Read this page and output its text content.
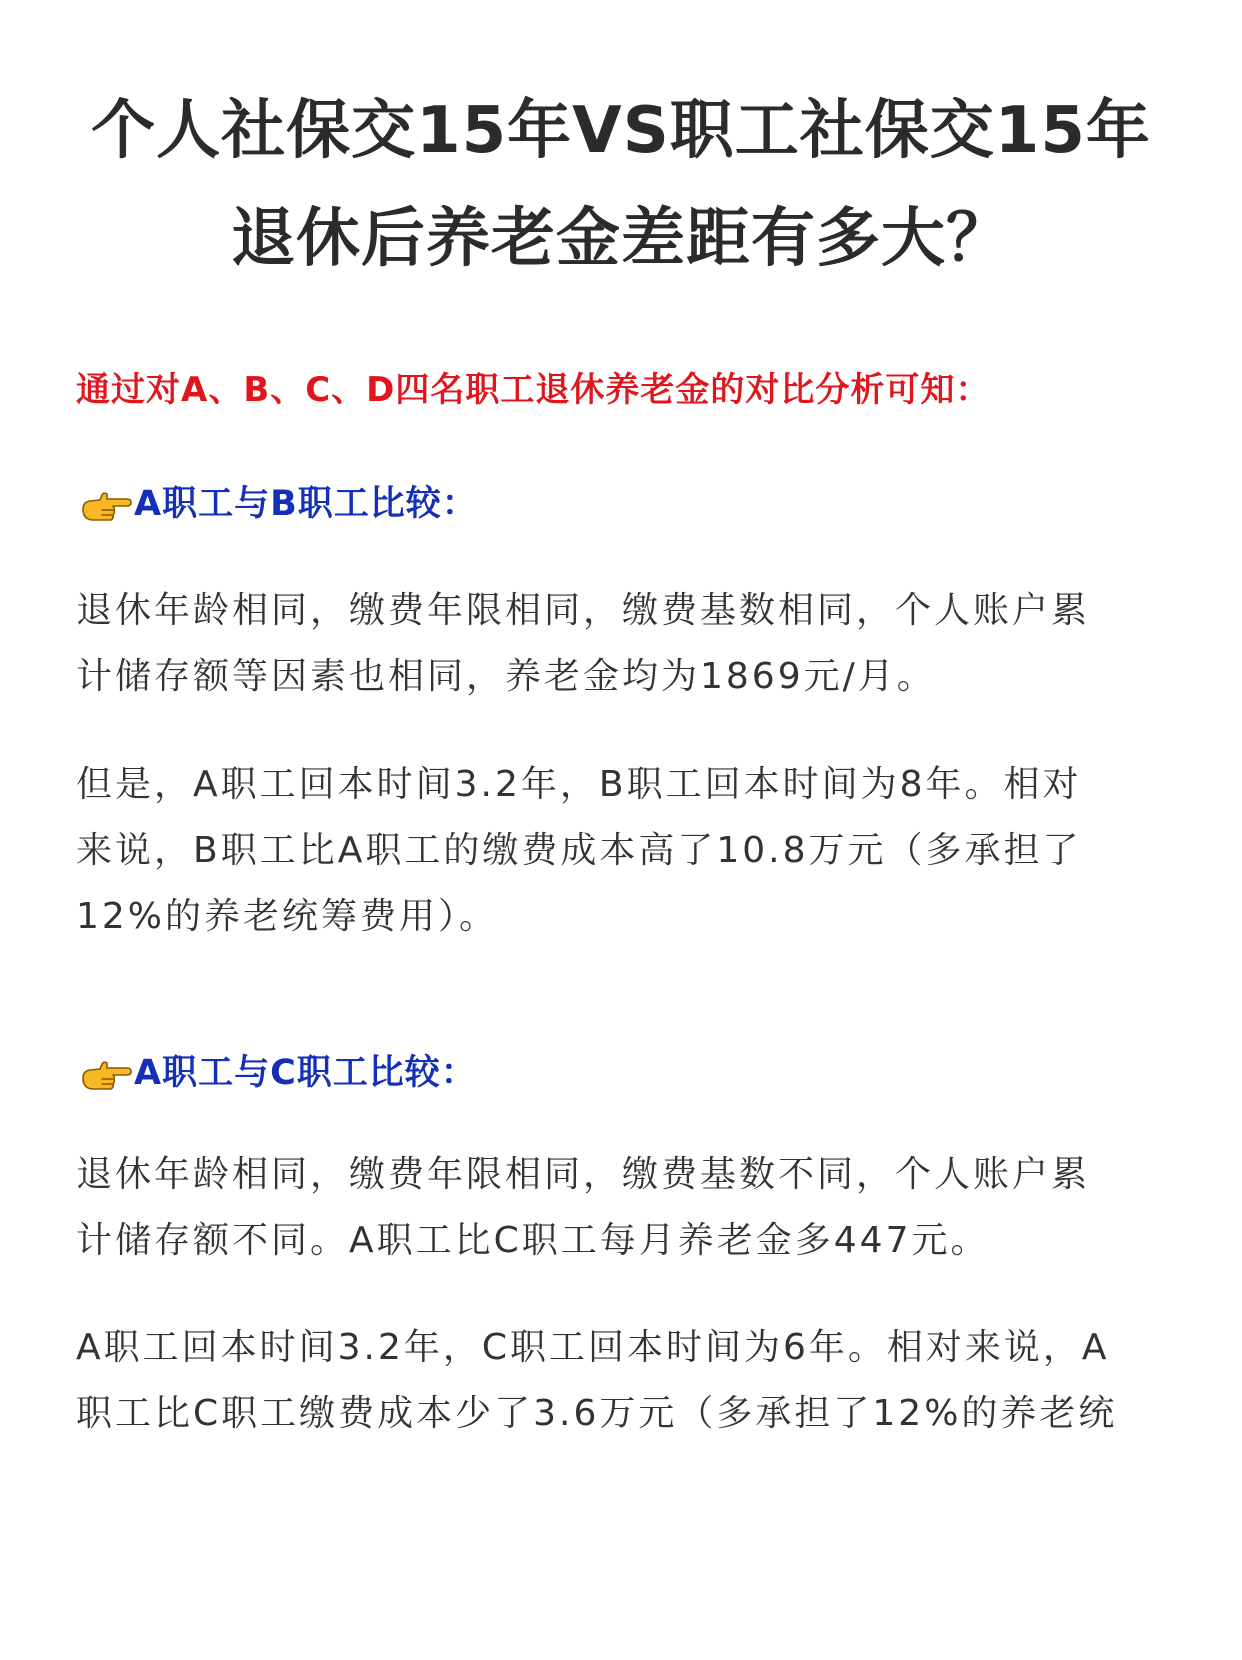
个人社保交15年VS职工社保交15年
退休后养老金差距有多大？
通过对A、B、C、D四名职工退休养老金的对比分析可知：
A职工与B职工比较：
退休年龄相同，缴费年限相同，缴费基数相同，个人账户累
计储存额等因素也相同，养老金均为1869元/月。
但是，A职工回本时间3.2年，B职工回本时间为8年。相对
来说，B职工比A职工的缴费成本高了10.8万元（多承担了
12%的养老统筹费用）。
A职工与C职工比较：
退休年龄相同，缴费年限相同，缴费基数不同，个人账户累
计储存额不同。A职工比C职工每月养老金多447元。
A职工回本时间3.2年，C职工回本时间为6年。相对来说，A
职工比C职工缴费成本少了3.6万元（多承担了12%的养老统
